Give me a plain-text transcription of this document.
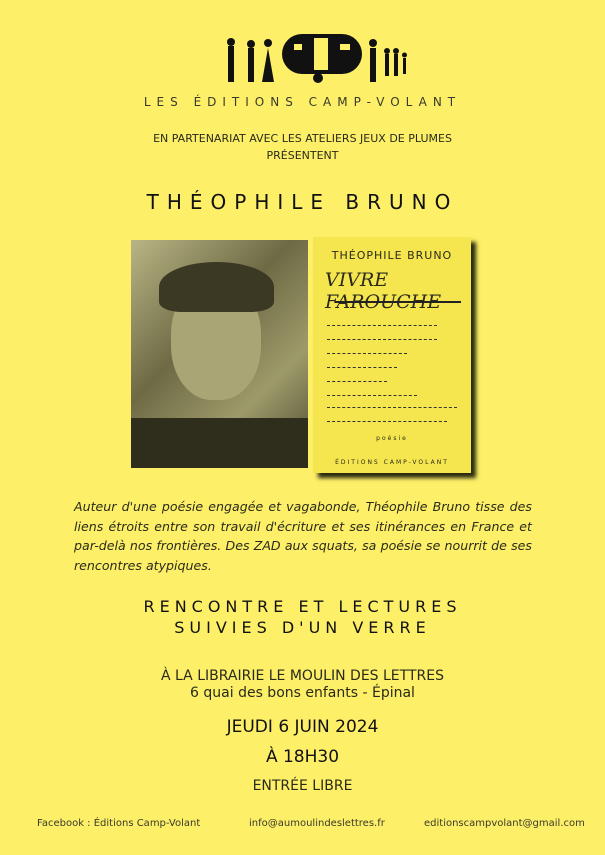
LES ÉDITIONS CAMP-VOLANT
EN PARTENARIAT AVEC LES ATELIERS JEUX DE PLUMES
PRÉSENTENT
THÉOPHILE BRUNO
THÉOPHILE BRUNO
VIVRE FAROUCHE
poésie
ÉDITIONS CAMP-VOLANT
Auteur d'une poésie engagée et vagabonde, Théophile Bruno tisse des liens étroits entre son travail d'écriture et ses itinérances en France et par-delà nos frontières. Des ZAD aux squats, sa poésie se nourrit de ses rencontres atypiques.
RENCONTRE ET LECTURES
SUIVIES D'UN VERRE
À LA LIBRAIRIE LE MOULIN DES LETTRES
6 quai des bons enfants - Épinal
JEUDI 6 JUIN 2024
À 18H30
ENTRÉE LIBRE
Facebook : Éditions Camp-Volant	info@aumoulindeslettres.fr	editionscampvolant@gmail.com
